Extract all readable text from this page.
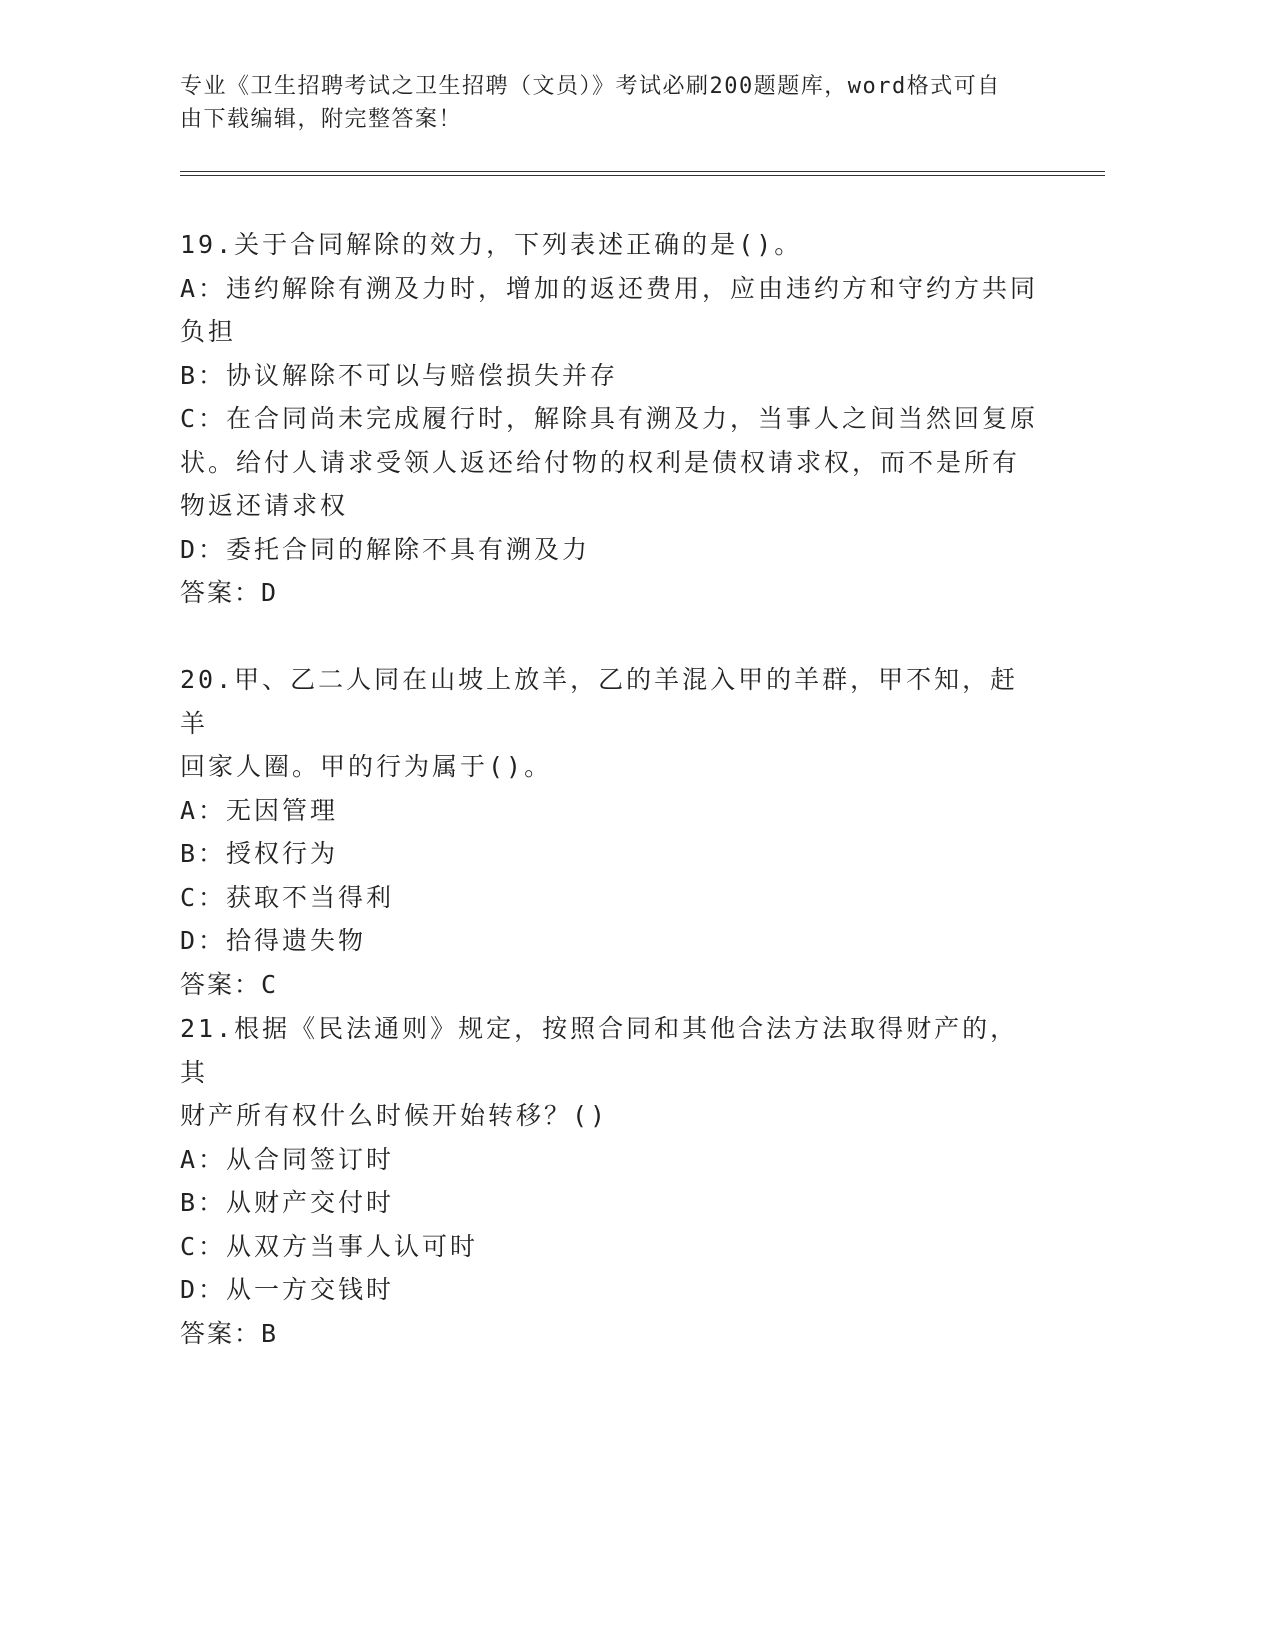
专业《卫生招聘考试之卫生招聘（文员）》考试必刷200题题库，word格式可自
由下载编辑，附完整答案！

19.关于合同解除的效力，下列表述正确的是()。

A：违约解除有溯及力时，增加的返还费用，应由违约方和守约方共同

负担

B：协议解除不可以与赔偿损失并存

C：在合同尚未完成履行时，解除具有溯及力，当事人之间当然回复原

状。给付人请求受领人返还给付物的权利是债权请求权，而不是所有

物返还请求权

D：委托合同的解除不具有溯及力

答案：D

20.甲、乙二人同在山坡上放羊，乙的羊混入甲的羊群，甲不知，赶羊

回家人圈。甲的行为属于()。

A：无因管理

B：授权行为

C：获取不当得利

D：拾得遗失物

答案：C

21.根据《民法通则》规定，按照合同和其他合法方法取得财产的，其

财产所有权什么时候开始转移？()

A：从合同签订时

B：从财产交付时

C：从双方当事人认可时

D：从一方交钱时

答案：B
